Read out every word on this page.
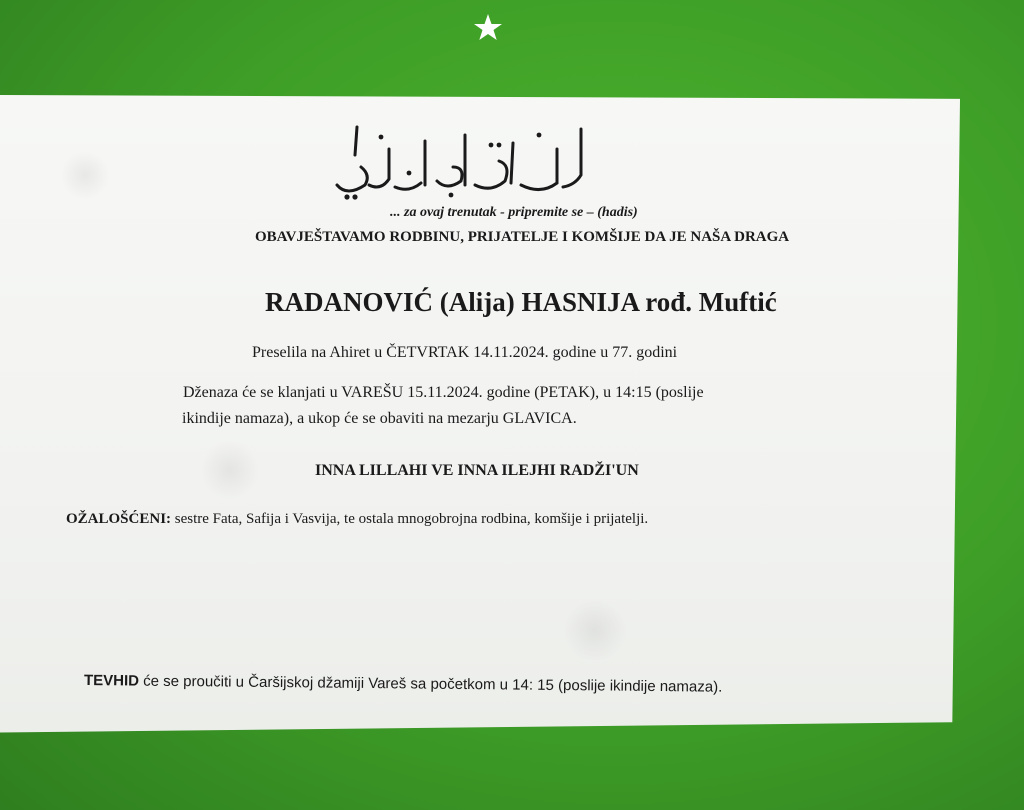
... za ovaj trenutak - pripremite se – (hadis)

OBAVJEŠTAVAMO RODBINU, PRIJATELJE I KOMŠIJE DA JE NAŠA DRAGA

RADANOVIĆ (Alija) HASNIJA rođ. Muftić

Preselila na Ahiret u ČETVRTAK 14.11.2024. godine u 77. godini

Dženaza će se klanjati u VAREŠU 15.11.2024. godine (PETAK), u 14:15 (poslije

ikindije namaza), a ukop će se obaviti na mezarju GLAVICA.

INNA LILLAHI VE INNA ILEJHI RADŽI'UN

OŽALOŠĆENI: sestre Fata, Safija i Vasvija, te ostala mnogobrojna rodbina, komšije i prijatelji.

TEVHID će se proučiti u Čaršijskoj džamiji Vareš sa početkom u 14: 15 (poslije ikindije namaza).
